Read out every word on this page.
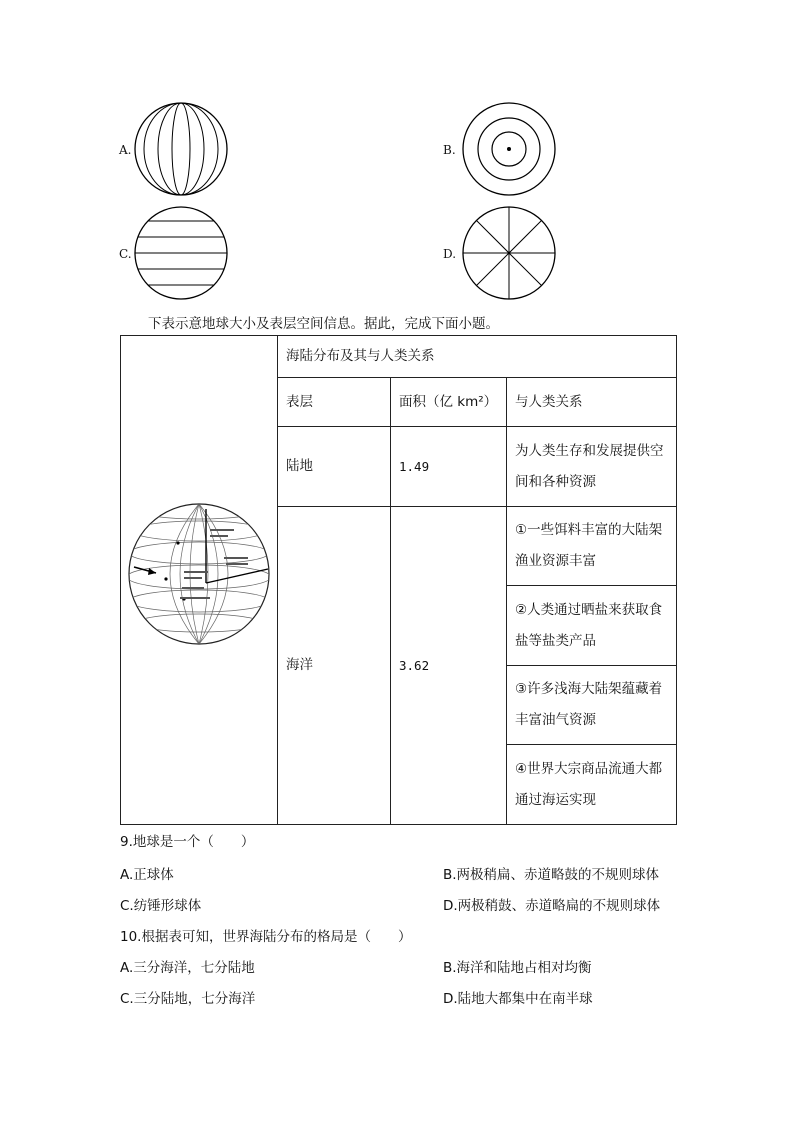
A.	B.
C.	D.
下表示意地球大小及表层空间信息。据此，完成下面小题。
	海陆分布及其与人类关系		
	表层	面积（亿 km²）	与人类关系
	陆地	1.49	为人类生存和发展提供空间和各种资源
	海洋	3.62	①一些饵料丰富的大陆架渔业资源丰富
			②人类通过晒盐来获取食盐等盐类产品
			③许多浅海大陆架蕴藏着丰富油气资源
			④世界大宗商品流通大都通过海运实现
9.地球是一个（　　）
A.正球体	B.两极稍扁、赤道略鼓的不规则球体
C.纺锤形球体	D.两极稍鼓、赤道略扁的不规则球体
10.根据表可知，世界海陆分布的格局是（　　）
A.三分海洋，七分陆地	B.海洋和陆地占相对均衡
C.三分陆地，七分海洋	D.陆地大都集中在南半球
